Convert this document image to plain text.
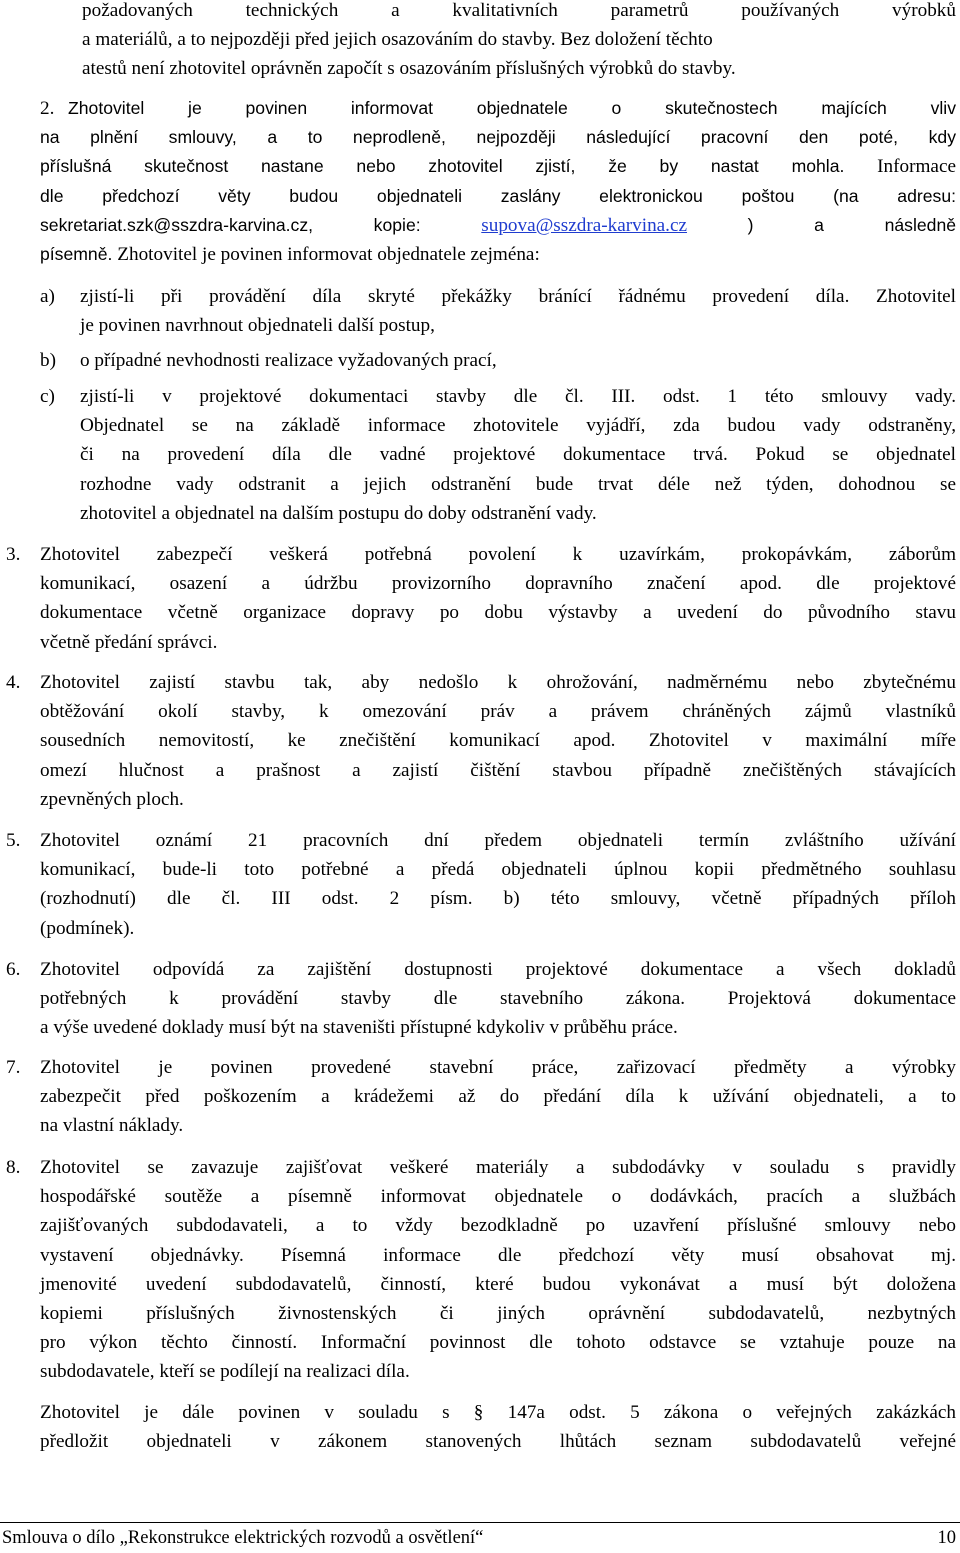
požadovaných technických a kvalitativních parametrů používaných výrobků
a materiálů, a to nejpozději před jejich osazováním do stavby. Bez doložení těchto
atestů není zhotovitel oprávněn započít s osazováním příslušných výrobků do stavby.
2. Zhotovitel je povinen informovat objednatele o skutečnostech majících vliv
na plnění smlouvy, a to neprodleně, nejpozději následující pracovní den poté, kdy
příslušná skutečnost nastane nebo zhotovitel zjistí, že by nastat mohla. Informace
dle předchozí věty budou objednateli zaslány elektronickou poštou (na adresu:
sekretariat.szk@sszdra-karvina.cz, kopie: supova@sszdra-karvina.cz	) a následně
písemně. Zhotovitel je povinen informovat objednatele zejména:
a) zjistí-li při provádění díla skryté překážky bránící řádnému provedení díla. Zhotovitel
je povinen navrhnout objednateli další postup,
b) o případné nevhodnosti realizace vyžadovaných prací,
c) zjistí-li v projektové dokumentaci stavby dle čl. III. odst. 1 této smlouvy vady.
Objednatel se na základě informace zhotovitele vyjádří, zda budou vady odstraněny,
či na provedení díla dle vadné projektové dokumentace trvá. Pokud se objednatel
rozhodne vady odstranit a jejich odstranění bude trvat déle než týden, dohodnou se
zhotovitel a objednatel na dalším postupu do doby odstranění vady.
3. Zhotovitel zabezpečí veškerá potřebná povolení k uzavírkám, prokopávkám, záborům
komunikací, osazení a údržbu provizorního dopravního značení apod. dle projektové
dokumentace včetně organizace dopravy po dobu výstavby a uvedení do původního stavu
včetně předání správci.
4. Zhotovitel zajistí stavbu tak, aby nedošlo k ohrožování, nadměrnému nebo zbytečnému
obtěžování okolí stavby, k omezování práv a právem chráněných zájmů vlastníků
sousedních nemovitostí, ke znečištění komunikací apod. Zhotovitel v maximální míře
omezí hlučnost a prašnost a zajistí čištění stavbou případně znečištěných stávajících
zpevněných ploch.
5. Zhotovitel oznámí 21 pracovních dní předem objednateli termín zvláštního užívání
komunikací, bude-li toto potřebné a předá objednateli úplnou kopii předmětného souhlasu
(rozhodnutí) dle čl. III odst. 2 písm. b) této smlouvy, včetně případných příloh
(podmínek).
6. Zhotovitel odpovídá za zajištění dostupnosti projektové dokumentace a všech dokladů
potřebných k provádění stavby dle stavebního zákona. Projektová dokumentace
a výše uvedené doklady musí být na staveništi přístupné kdykoliv v průběhu práce.
7. Zhotovitel je povinen provedené stavební práce, zařizovací předměty a výrobky
zabezpečit před poškozením a krádežemi až do předání díla k užívání objednateli, a to
na vlastní náklady.
8. Zhotovitel se zavazuje zajišťovat veškeré materiály a subdodávky v souladu s pravidly
hospodářské soutěže a písemně informovat objednatele o dodávkách, pracích a službách
zajišťovaných subdodavateli, a to vždy bezodkladně po uzavření příslušné smlouvy nebo
vystavení objednávky. Písemná informace dle předchozí věty musí obsahovat mj.
jmenovité uvedení subdodavatelů, činností, které budou vykonávat a musí být doložena
kopiemi příslušných živnostenských či jiných oprávnění subdodavatelů, nezbytných
pro výkon těchto činností. Informační povinnost dle tohoto odstavce se vztahuje pouze na
subdodavatele, kteří se podílejí na realizaci díla.
Zhotovitel je dále povinen v souladu s § 147a odst. 5 zákona o veřejných zakázkách
předložit objednateli v zákonem stanovených lhůtách seznam subdodavatelů veřejné
Smlouva o dílo „Rekonstrukce elektrických rozvodů a osvětlení“	10
